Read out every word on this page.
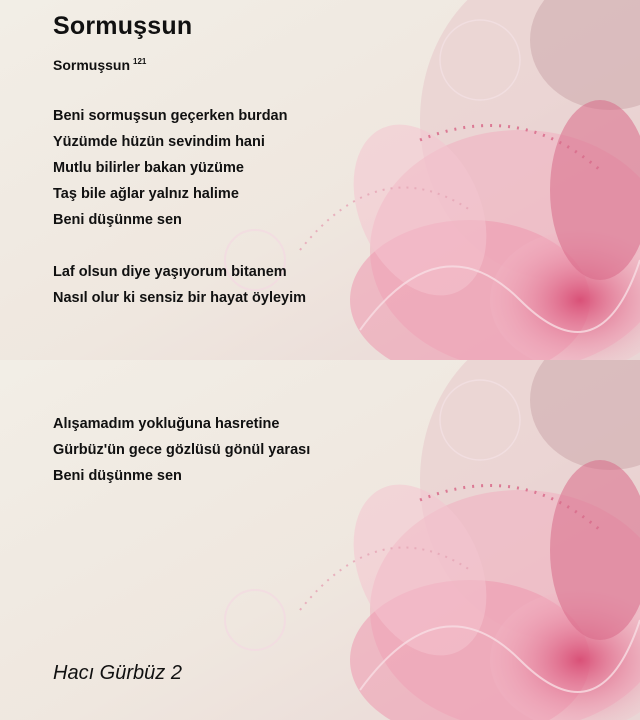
Sormuşsun
Sormuşsun $^{121}$
Beni sormuşsun geçerken burdan
Yüzümde hüzün sevindim hani
Mutlu bilirler bakan yüzüme
Taş bile ağlar yalnız halime
Beni düşünme sen
Laf olsun diye yaşıyorum bitanem
Nasıl olur ki sensiz bir hayat öyleyim
Alışamadım yokluğuna hasretine
Gürbüz'ün gece gözlüsü gönül yarası
Beni düşünme sen
Hacı Gürbüz 2
